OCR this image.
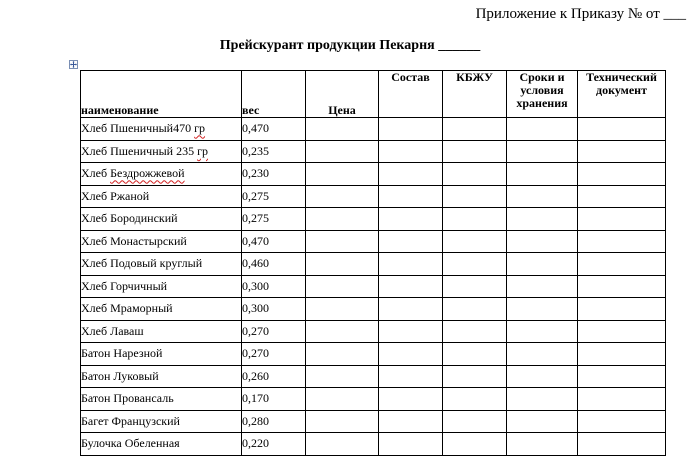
Приложение к Приказу № от ___
Прейскурант продукции Пекарня ______
наименование	вес	Цена	Состав	КБЖУ	Сроки и условия хранения	Технический документ
Хлеб Пшеничный470 гр	0,470					
Хлеб Пшеничный 235 гр	0,235					
Хлеб Бездрожжевой	0,230					
Хлеб Ржаной	0,275					
Хлеб Бородинский	0,275					
Хлеб Монастырский	0,470					
Хлеб Подовый круглый	0,460					
Хлеб Горчичный	0,300					
Хлеб Мраморный	0,300					
Хлеб Лаваш	0,270					
Батон Нарезной	0,270					
Батон Луковый	0,260					
Батон Провансаль	0,170					
Багет Французский	0,280					
Булочка Обеленная	0,220					
